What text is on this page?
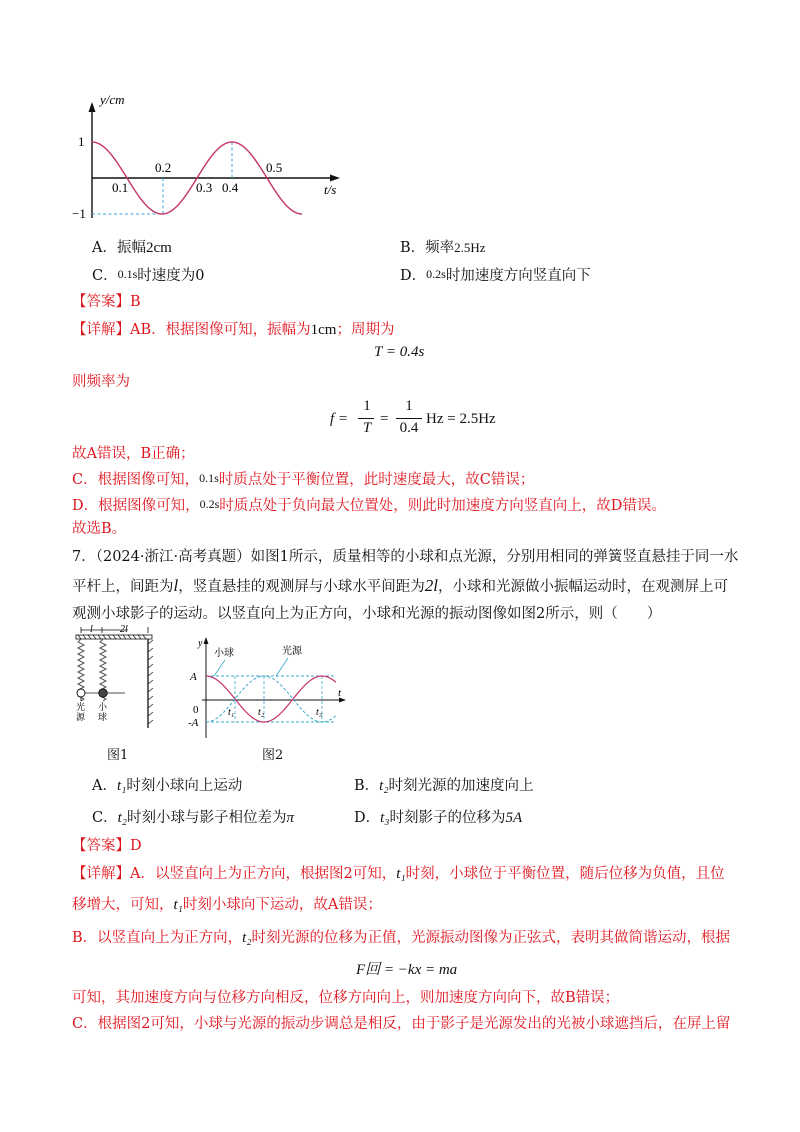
y/cm
t/s
1
−1
0.2	0.5
0.1	0.3 0.4
A．振幅2cm	B．频率2.5Hz
C．0.1s时速度为0	D．0.2s时加速度方向竖直向下
【答案】B
【详解】AB．根据图像可知，振幅为1cm；周期为
T = 0.4s
则频率为
f =
1
T
=
1
0.4
Hz = 2.5Hz
故A错误，B正确；
C．根据图像可知，0.1s时质点处于平衡位置，此时速度最大，故C错误；
D．根据图像可知，0.2s时质点处于负向最大位置处，则此时加速度方向竖直向上，故D错误。
故选B。
7．（2024·浙江·高考真题）如图1所示，质量相等的小球和点光源，分别用相同的弹簧竖直悬挂于同一水
平杆上，间距为l，竖直悬挂的观测屏与小球水平间距为2l，小球和光源做小振幅运动时，在观测屏上可
观测小球影子的运动。以竖直向上为正方向，小球和光源的振动图像如图2所示，则（　　）
l	2l
光
源
小
球
图1
y
t
A
-A
0
小球	光源
t₁ t₂	t₃
图2
A．t₁时刻小球向上运动	B．t₂时刻光源的加速度向上
C．t₂时刻小球与影子相位差为π	D．t₃时刻影子的位移为5A
【答案】D
【详解】A．以竖直向上为正方向，根据图2可知，t₁时刻，小球位于平衡位置，随后位移为负值，且位
移增大，可知，t₁时刻小球向下运动，故A错误；
B．以竖直向上为正方向，t₂时刻光源的位移为正值，光源振动图像为正弦式，表明其做简谐运动，根据
F回 = −kx = ma
可知，其加速度方向与位移方向相反，位移方向向上，则加速度方向向下，故B错误；
C．根据图2可知，小球与光源的振动步调总是相反，由于影子是光源发出的光被小球遮挡后，在屏上留
